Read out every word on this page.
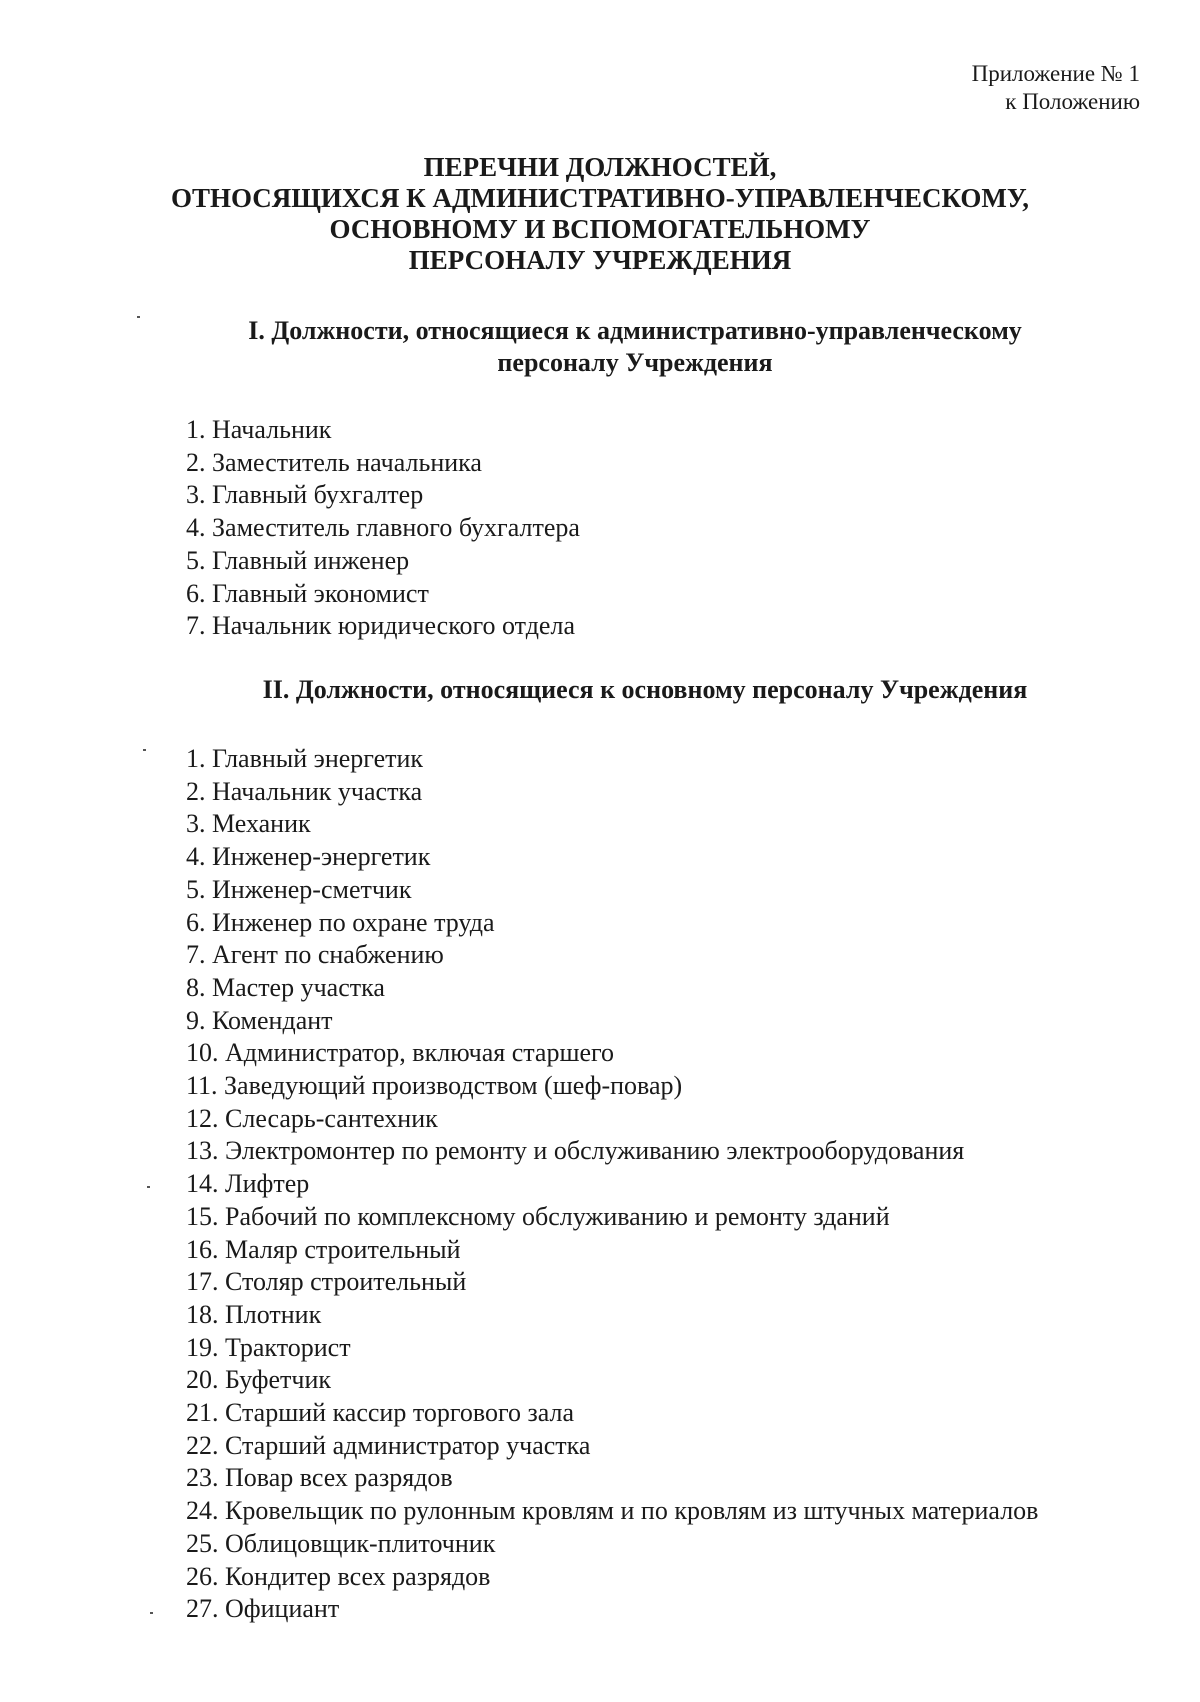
Приложение № 1
к Положению
ПЕРЕЧНИ ДОЛЖНОСТЕЙ,
ОТНОСЯЩИХСЯ К АДМИНИСТРАТИВНО-УПРАВЛЕНЧЕСКОМУ,
ОСНОВНОМУ И ВСПОМОГАТЕЛЬНОМУ
ПЕРСОНАЛУ УЧРЕЖДЕНИЯ
I. Должности, относящиеся к административно-управленческому
персоналу Учреждения
1. Начальник
2. Заместитель начальника
3. Главный бухгалтер
4. Заместитель главного бухгалтера
5. Главный инженер
6. Главный экономист
7. Начальник юридического отдела
II. Должности, относящиеся к основному персоналу Учреждения
1. Главный энергетик
2. Начальник участка
3. Механик
4. Инженер-энергетик
5. Инженер-сметчик
6. Инженер по охране труда
7. Агент по снабжению
8. Мастер участка
9. Комендант
10. Администратор, включая старшего
11. Заведующий производством (шеф-повар)
12. Слесарь-сантехник
13. Электромонтер по ремонту и обслуживанию электрооборудования
14. Лифтер
15. Рабочий по комплексному обслуживанию и ремонту зданий
16. Маляр строительный
17. Столяр строительный
18. Плотник
19. Тракторист
20. Буфетчик
21. Старший кассир торгового зала
22. Старший администратор участка
23. Повар всех разрядов
24. Кровельщик по рулонным кровлям и по кровлям из штучных материалов
25. Облицовщик-плиточник
26. Кондитер всех разрядов
27. Официант
